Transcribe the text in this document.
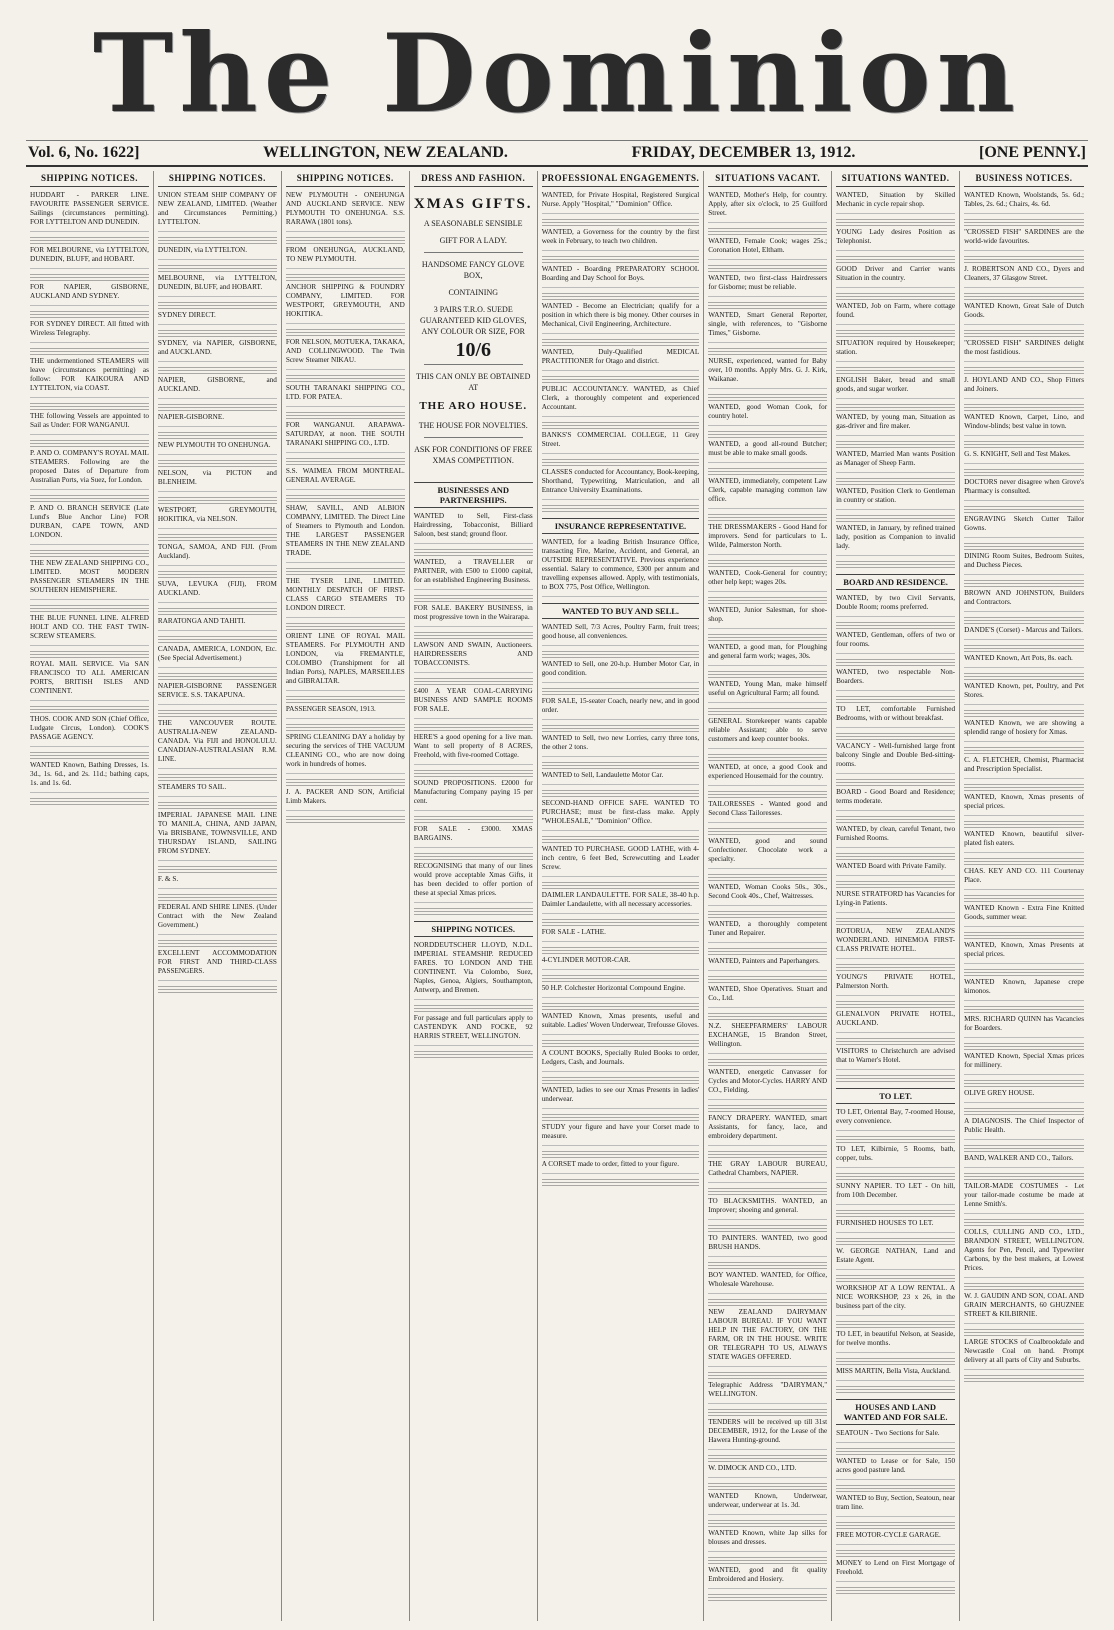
The Dominion
Vol. 6, No. 1622]	WELLINGTON, NEW ZEALAND.	FRIDAY, DECEMBER 13, 1912.	[ONE PENNY.]
SHIPPING NOTICES.

HUDDART - PARKER LINE. FAVOURITE PASSENGER SERVICE. Sailings (circumstances permitting). FOR LYTTELTON AND DUNEDIN.

FOR MELBOURNE, via LYTTELTON, DUNEDIN, BLUFF, and HOBART.

FOR NAPIER, GISBORNE, AUCKLAND AND SYDNEY.

FOR SYDNEY DIRECT. All fitted with Wireless Telegraphy.

THE undermentioned STEAMERS will leave (circumstances permitting) as follow: FOR KAIKOURA AND LYTTELTON, via COAST.

THE following Vessels are appointed to Sail as Under: FOR WANGANUI.

P. AND O. COMPANY'S ROYAL MAIL STEAMERS. Following are the proposed Dates of Departure from Australian Ports, via Suez, for London.

P. AND O. BRANCH SERVICE (Late Lund's Blue Anchor Line) FOR DURBAN, CAPE TOWN, AND LONDON.

THE NEW ZEALAND SHIPPING CO., LIMITED. MOST MODERN PASSENGER STEAMERS IN THE SOUTHERN HEMISPHERE.

THE BLUE FUNNEL LINE. ALFRED HOLT AND CO. THE FAST TWIN-SCREW STEAMERS.

ROYAL MAIL SERVICE. Via SAN FRANCISCO TO ALL AMERICAN PORTS, BRITISH ISLES AND CONTINENT.

THOS. COOK AND SON (Chief Office, Ludgate Circus, London). COOK'S PASSAGE AGENCY.

WANTED Known, Bathing Dresses, 1s. 3d., 1s. 6d., and 2s. 11d.; bathing caps, 1s. and 1s. 6d.

SHIPPING NOTICES.

UNION STEAM SHIP COMPANY OF NEW ZEALAND, LIMITED. (Weather and Circumstances Permitting.) LYTTELTON.

DUNEDIN, via LYTTELTON.

MELBOURNE, via LYTTELTON, DUNEDIN, BLUFF, and HOBART.

SYDNEY DIRECT.

SYDNEY, via NAPIER, GISBORNE, and AUCKLAND.

NAPIER, GISBORNE, and AUCKLAND.

NAPIER-GISBORNE.

NEW PLYMOUTH TO ONEHUNGA.

NELSON, via PICTON and BLENHEIM.

WESTPORT, GREYMOUTH, HOKITIKA, via NELSON.

TONGA, SAMOA, AND FIJI. (From Auckland).

SUVA, LEVUKA (FIJI), FROM AUCKLAND.

RARATONGA AND TAHITI.

CANADA, AMERICA, LONDON, Etc. (See Special Advertisement.)

NAPIER-GISBORNE PASSENGER SERVICE. S.S. TAKAPUNA.

THE VANCOUVER ROUTE. AUSTRALIA-NEW ZEALAND-CANADA. Via FIJI and HONOLULU. CANADIAN-AUSTRALASIAN R.M. LINE.

STEAMERS TO SAIL.

IMPERIAL JAPANESE MAIL LINE TO MANILA, CHINA, AND JAPAN, Via BRISBANE, TOWNSVILLE, AND THURSDAY ISLAND, SAILING FROM SYDNEY.

F. & S.

FEDERAL AND SHIRE LINES. (Under Contract with the New Zealand Government.)

EXCELLENT ACCOMMODATION FOR FIRST AND THIRD-CLASS PASSENGERS.

SHIPPING NOTICES.

NEW PLYMOUTH - ONEHUNGA AND AUCKLAND SERVICE. NEW PLYMOUTH TO ONEHUNGA. S.S. RARAWA (1801 tons).

FROM ONEHUNGA, AUCKLAND, TO NEW PLYMOUTH.

ANCHOR SHIPPING & FOUNDRY COMPANY, LIMITED. FOR WESTPORT, GREYMOUTH, AND HOKITIKA.

FOR NELSON, MOTUEKA, TAKAKA, AND COLLINGWOOD. The Twin Screw Steamer NIKAU.

SOUTH TARANAKI SHIPPING CO., LTD. FOR PATEA.

FOR WANGANUI. ARAPAWA-SATURDAY, at noon. THE SOUTH TARANAKI SHIPPING CO., LTD.

S.S. WAIMEA FROM MONTREAL. GENERAL AVERAGE.

SHAW, SAVILL, AND ALBION COMPANY, LIMITED. The Direct Line of Steamers to Plymouth and London. THE LARGEST PASSENGER STEAMERS IN THE NEW ZEALAND TRADE.

THE TYSER LINE, LIMITED. MONTHLY DESPATCH OF FIRST-CLASS CARGO STEAMERS TO LONDON DIRECT.

ORIENT LINE OF ROYAL MAIL STEAMERS. For PLYMOUTH AND LONDON, via FREMANTLE, COLOMBO (Transhipment for all Indian Ports), NAPLES, MARSEILLES and GIBRALTAR.

PASSENGER SEASON, 1913.

SPRING CLEANING DAY a holiday by securing the services of THE VACUUM CLEANING CO., who are now doing work in hundreds of homes.

J. A. PACKER AND SON, Artificial Limb Makers.

DRESS AND FASHION.
XMAS GIFTS.

A SEASONABLE SENSIBLE

GIFT FOR A LADY.

HANDSOME FANCY GLOVE BOX,

CONTAINING

3 PAIRS T.R.O. SUEDE GUARANTEED KID GLOVES, ANY COLOUR OR SIZE, FOR

10/6

THIS CAN ONLY BE OBTAINED AT

THE ARO HOUSE.

THE HOUSE FOR NOVELTIES.

ASK FOR CONDITIONS OF FREE XMAS COMPETITION.

BUSINESSES AND PARTNERSHIPS.

WANTED to Sell, First-class Hairdressing, Tobacconist, Billiard Saloon, best stand; ground floor.

WANTED, a TRAVELLER or PARTNER, with £500 to £1000 capital, for an established Engineering Business.

FOR SALE. BAKERY BUSINESS, in most progressive town in the Wairarapa.

LAWSON AND SWAIN, Auctioneers. HAIRDRESSERS AND TOBACCONISTS.

£400 A YEAR COAL-CARRYING BUSINESS AND SAMPLE ROOMS FOR SALE.

HERE'S a good opening for a live man. Want to sell property of 8 ACRES, Freehold, with five-roomed Cottage.

SOUND PROPOSITIONS. £2000 for Manufacturing Company paying 15 per cent.

FOR SALE - £3000. XMAS BARGAINS.

RECOGNISING that many of our lines would prove acceptable Xmas Gifts, it has been decided to offer portion of these at special Xmas prices.

SHIPPING NOTICES.

NORDDEUTSCHER LLOYD, N.D.L. IMPERIAL STEAMSHIP. REDUCED FARES. TO LONDON AND THE CONTINENT. Via Colombo, Suez, Naples, Genoa, Algiers, Southampton, Antwerp, and Bremen.

For passage and full particulars apply to CASTENDYK AND FOCKE, 92 HARRIS STREET, WELLINGTON.

PROFESSIONAL ENGAGEMENTS.

WANTED, for Private Hospital, Registered Surgical Nurse. Apply "Hospital," "Dominion" Office.

WANTED, a Governess for the country by the first week in February, to teach two children.

WANTED - Boarding PREPARATORY SCHOOL Boarding and Day School for Boys.

WANTED - Become an Electrician; qualify for a position in which there is big money. Other courses in Mechanical, Civil Engineering, Architecture.

WANTED, Duly-Qualified MEDICAL PRACTITIONER for Otago and district.

PUBLIC ACCOUNTANCY. WANTED, as Chief Clerk, a thoroughly competent and experienced Accountant.

BANKS'S COMMERCIAL COLLEGE, 11 Grey Street.

CLASSES conducted for Accountancy, Book-keeping, Shorthand, Typewriting, Matriculation, and all Entrance University Examinations.

INSURANCE REPRESENTATIVE.

WANTED, for a leading British Insurance Office, transacting Fire, Marine, Accident, and General, an OUTSIDE REPRESENTATIVE. Previous experience essential. Salary to commence, £300 per annum and travelling expenses allowed. Apply, with testimonials, to BOX 775, Post Office, Wellington.

WANTED TO BUY AND SELL.

WANTED Sell, 7/3 Acres, Poultry Farm, fruit trees; good house, all conveniences.

WANTED to Sell, one 20-h.p. Humber Motor Car, in good condition.

FOR SALE, 15-seater Coach, nearly new, and in good order.

WANTED to Sell, two new Lorries, carry three tons, the other 2 tons.

WANTED to Sell, Landaulette Motor Car.

SECOND-HAND OFFICE SAFE. WANTED TO PURCHASE; must be first-class make. Apply "WHOLESALE," "Dominion" Office.

WANTED TO PURCHASE. GOOD LATHE, with 4-inch centre, 6 feet Bed, Screwcutting and Leader Screw.

DAIMLER LANDAULETTE. FOR SALE, 38-40 h.p. Daimler Landaulette, with all necessary accessories.

FOR SALE - LATHE.

4-CYLINDER MOTOR-CAR.

50 H.P. Colchester Horizontal Compound Engine.

WANTED Known, Xmas presents, useful and suitable. Ladies' Woven Underwear, Trefousse Gloves.

A COUNT BOOKS, Specially Ruled Books to order, Ledgers, Cash, and Journals.

WANTED, ladies to see our Xmas Presents in ladies' underwear.

STUDY your figure and have your Corset made to measure.

A CORSET made to order, fitted to your figure.

SITUATIONS VACANT.

WANTED, Mother's Help, for country. Apply, after six o'clock, to 25 Guilford Street.

WANTED, Female Cook; wages 25s.; Coronation Hotel, Eltham.

WANTED, two first-class Hairdressers for Gisborne; must be reliable.

WANTED, Smart General Reporter, single, with references, to "Gisborne Times," Gisborne.

NURSE, experienced, wanted for Baby over, 10 months. Apply Mrs. G. J. Kirk, Waikanae.

WANTED, good Woman Cook, for country hotel.

WANTED, a good all-round Butcher; must be able to make small goods.

WANTED, immediately, competent Law Clerk, capable managing common law office.

THE DRESSMAKERS - Good Hand for improvers. Send for particulars to L. Wilde, Palmerston North.

WANTED, Cook-General for country; other help kept; wages 20s.

WANTED, Junior Salesman, for shoe-shop.

WANTED, a good man, for Ploughing and general farm work; wages, 30s.

WANTED, Young Man, make himself useful on Agricultural Farm; all found.

GENERAL Storekeeper wants capable reliable Assistant; able to serve customers and keep counter books.

WANTED, at once, a good Cook and experienced Housemaid for the country.

TAILORESSES - Wanted good and Second Class Tailoresses.

WANTED, good and sound Confectioner. Chocolate work a specialty.

WANTED, Woman Cooks 50s., 30s., Second Cook 40s., Chef, Waitresses.

WANTED, a thoroughly competent Tuner and Repairer.

WANTED, Painters and Paperhangers.

WANTED, Shoe Operatives. Stuart and Co., Ltd.

N.Z. SHEEPFARMERS' LABOUR EXCHANGE, 15 Brandon Street, Wellington.

WANTED, energetic Canvasser for Cycles and Motor-Cycles. HARRY AND CO., Fielding.

FANCY DRAPERY. WANTED, smart Assistants, for fancy, lace, and embroidery department.

THE GRAY LABOUR BUREAU, Cathedral Chambers, NAPIER.

TO BLACKSMITHS. WANTED, an Improver; shoeing and general.

TO PAINTERS. WANTED, two good BRUSH HANDS.

BOY WANTED. WANTED, for Office, Wholesale Warehouse.

NEW ZEALAND DAIRYMAN' LABOUR BUREAU. IF YOU WANT HELP IN THE FACTORY, ON THE FARM, OR IN THE HOUSE. WRITE OR TELEGRAPH TO US, ALWAYS STATE WAGES OFFERED.

Telegraphic Address "DAIRYMAN," WELLINGTON.

TENDERS will be received up till 31st DECEMBER, 1912, for the Lease of the Hawera Hunting-ground.

W. DIMOCK AND CO., LTD.

WANTED Known, Underwear, underwear, underwear at 1s. 3d.

WANTED Known, white Jap silks for blouses and dresses.

WANTED, good and fit quality Embroidered and Hosiery.

SITUATIONS WANTED.

WANTED, Situation by Skilled Mechanic in cycle repair shop.

YOUNG Lady desires Position as Telephonist.

GOOD Driver and Carrier wants Situation in the country.

WANTED, Job on Farm, where cottage found.

SITUATION required by Housekeeper; station.

ENGLISH Baker, bread and small goods, and sugar worker.

WANTED, by young man, Situation as gas-driver and fire maker.

WANTED, Married Man wants Position as Manager of Sheep Farm.

WANTED, Position Clerk to Gentleman in country or station.

WANTED, in January, by refined trained lady, position as Companion to invalid lady.

BOARD AND RESIDENCE.

WANTED, by two Civil Servants, Double Room; rooms preferred.

WANTED, Gentleman, offers of two or four rooms.

WANTED, two respectable Non-Boarders.

TO LET, comfortable Furnished Bedrooms, with or without breakfast.

VACANCY - Well-furnished large front balcony Single and Double Bed-sitting-rooms.

BOARD - Good Board and Residence; terms moderate.

WANTED, by clean, careful Tenant, two Furnished Rooms.

WANTED Board with Private Family.

NURSE STRATFORD has Vacancies for Lying-in Patients.

ROTORUA, NEW ZEALAND'S WONDERLAND. HINEMOA FIRST-CLASS PRIVATE HOTEL.

YOUNG'S PRIVATE HOTEL, Palmerston North.

GLENALVON PRIVATE HOTEL, AUCKLAND.

VISITORS to Christchurch are advised that to Warner's Hotel.

TO LET.

TO LET, Oriental Bay, 7-roomed House, every convenience.

TO LET, Kilbirnie, 5 Rooms, bath, copper, tubs.

SUNNY NAPIER. TO LET - On hill, from 10th December.

FURNISHED HOUSES TO LET.

W. GEORGE NATHAN, Land and Estate Agent.

WORKSHOP AT A LOW RENTAL. A NICE WORKSHOP, 23 x 26, in the business part of the city.

TO LET, in beautiful Nelson, at Seaside, for twelve months.

MISS MARTIN, Bella Vista, Auckland.

HOUSES AND LAND WANTED AND FOR SALE.

SEATOUN - Two Sections for Sale.

WANTED to Lease or for Sale, 150 acres good pasture land.

WANTED to Buy, Section, Seatoun, near tram line.

FREE MOTOR-CYCLE GARAGE.

MONEY to Lend on First Mortgage of Freehold.

BUSINESS NOTICES.

WANTED Known, Woolstands, 5s. 6d.; Tables, 2s. 6d.; Chairs, 4s. 6d.

"CROSSED FISH" SARDINES are the world-wide favourites.

J. ROBERTSON AND CO., Dyers and Cleaners, 37 Glasgow Street.

WANTED Known, Great Sale of Dutch Goods.

"CROSSED FISH" SARDINES delight the most fastidious.

J. HOYLAND AND CO., Shop Fitters and Joiners.

WANTED Known, Carpet, Lino, and Window-blinds; best value in town.

G. S. KNIGHT, Sell and Test Makes.

DOCTORS never disagree when Grove's Pharmacy is consulted.

ENGRAVING Sketch Cutter Tailor Gowns.

DINING Room Suites, Bedroom Suites, and Duchess Pieces.

BROWN AND JOHNSTON, Builders and Contractors.

DANDE'S (Corset) - Marcus and Tailors.

WANTED Known, Art Pots, 8s. each.

WANTED Known, pet, Poultry, and Pet Stores.

WANTED Known, we are showing a splendid range of hosiery for Xmas.

C. A. FLETCHER, Chemist, Pharmacist and Prescription Specialist.

WANTED, Known, Xmas presents of special prices.

WANTED Known, beautiful silver-plated fish eaters.

CHAS. KEY AND CO. 111 Courtenay Place.

WANTED Known - Extra Fine Knitted Goods, summer wear.

WANTED, Known, Xmas Presents at special prices.

WANTED Known, Japanese crepe kimonos.

MRS. RICHARD QUINN has Vacancies for Boarders.

WANTED Known, Special Xmas prices for millinery.

OLIVE GREY HOUSE.

A DIAGNOSIS. The Chief Inspector of Public Health.

BAND, WALKER AND CO., Tailors.

TAILOR-MADE COSTUMES - Let your tailor-made costume be made at Lenne Smith's.

COLLS, CULLING AND CO., LTD., BRANDON STREET, WELLINGTON. Agents for Pen, Pencil, and Typewriter Carbons, by the best makers, at Lowest Prices.

W. J. GAUDIN AND SON, COAL AND GRAIN MERCHANTS, 60 GHUZNEE STREET & KILBIRNIE.

LARGE STOCKS of Coalbrookdale and Newcastle Coal on hand. Prompt delivery at all parts of City and Suburbs.
